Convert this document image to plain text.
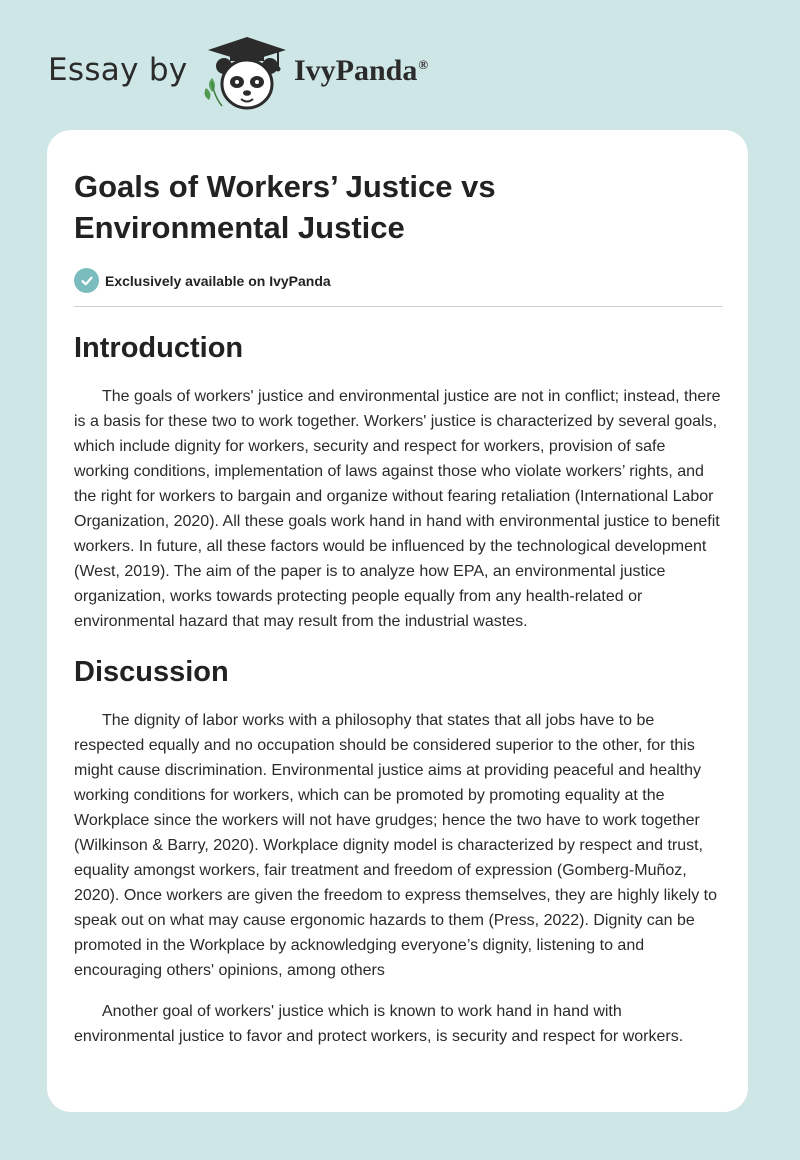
Essay by	IvyPanda®
Goals of Workers’ Justice vs Environmental Justice
Exclusively available on IvyPanda
Introduction

The goals of workers' justice and environmental justice are not in conflict; instead, there is a basis for these two to work together. Workers' justice is characterized by several goals, which include dignity for workers, security and respect for workers, provision of safe working conditions, implementation of laws against those who violate workers’ rights, and the right for workers to bargain and organize without fearing retaliation (International Labor Organization, 2020). All these goals work hand in hand with environmental justice to benefit workers. In future, all these factors would be influenced by the technological development (West, 2019). The aim of the paper is to analyze how EPA, an environmental justice organization, works towards protecting people equally from any health-related or environmental hazard that may result from the industrial wastes.

Discussion

The dignity of labor works with a philosophy that states that all jobs have to be respected equally and no occupation should be considered superior to the other, for this might cause discrimination. Environmental justice aims at providing peaceful and healthy working conditions for workers, which can be promoted by promoting equality at the Workplace since the workers will not have grudges; hence the two have to work together (Wilkinson & Barry, 2020). Workplace dignity model is characterized by respect and trust, equality amongst workers, fair treatment and freedom of expression (Gomberg-Muñoz, 2020). Once workers are given the freedom to express themselves, they are highly likely to speak out on what may cause ergonomic hazards to them (Press, 2022). Dignity can be promoted in the Workplace by acknowledging everyone’s dignity, listening to and encouraging others' opinions, among others

Another goal of workers' justice which is known to work hand in hand with environmental justice to favor and protect workers, is security and respect for workers.
